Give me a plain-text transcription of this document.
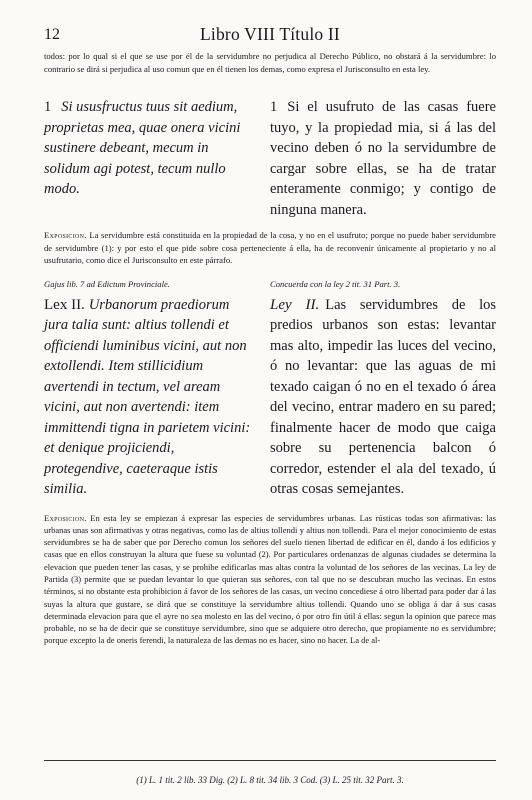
12	Libro VIII Título II

todos: por lo qual si el que se use por él de la servidumbre no perjudica al Derecho Público, no obstará á la servidumbre: lo contrario se dirá si perjudica al uso comun que en él tienen los demas, como expresa el Jurisconsulto en esta ley.

1 Si ususfructus tuus sit aedium, proprietas mea, quae onera vicini sustinere debeant, mecum in solidum agi potest, tecum nullo modo.

1 Si el usufruto de las casas fuere tuyo, y la propiedad mia, si á las del vecino deben ó no la servidumbre de cargar sobre ellas, se ha de tratar enteramente conmigo; y contigo de ninguna manera.

Exposicion. La servidumbre está constituida en la propiedad de la cosa, y no en el usufruto; porque no puede haber servidumbre de servidumbre (1): y por esto el que pide sobre cosa perteneciente á ella, ha de reconvenir únicamente al propietario y no al usufrutario, como dice el Jurisconsulto en este párrafo.

Gajus lib. 7 ad Edictum Provinciale.	Concuerda con la ley 2 tit. 31 Part. 3.

Lex II. Urbanorum praediorum jura talia sunt: altius tollendi et officiendi luminibus vicini, aut non extollendi. Item stillicidium avertendi in tectum, vel aream vicini, aut non avertendi: item immittendi tigna in parietem vicini: et denique projiciendi, protegendive, caeteraque istis similia.

Ley II. Las servidumbres de los predios urbanos son estas: levantar mas alto, impedir las luces del vecino, ó no levantar: que las aguas de mi texado caigan ó no en el texado ó área del vecino, entrar madero en su pared; finalmente hacer de modo que caiga sobre su pertenencia balcon ó corredor, estender el ala del texado, ú otras cosas semejantes.

Exposicion. En esta ley se empiezan á expresar las especies de servidumbres urbanas. Las rústicas todas son afirmativas: las urbanas unas son afirmativas y otras negativas, como las de altius tollendi y altius non tollendi. Para el mejor conocimiento de estas servidumbres se ha de saber que por Derecho comun los señores del suelo tienen libertad de edificar en él, dando á los edificios y casas que en ellos construyan la altura que fuese su voluntad (2). Por particulares ordenanzas de algunas ciudades se determina la elevacion que pueden tener las casas, y se prohibe edificarlas mas altas contra la voluntad de los señores de las vecinas. La ley de Partida (3) permite que se puedan levantar lo que quieran sus señores, con tal que no se descubran mucho las vecinas. En estos términos, si no obstante esta prohibicion á favor de los señores de las casas, un vecino concediese á otro libertad para poder dar á las suyas la altura que gustare, se dirá que se constituye la servidumbre altius tollendi. Quando uno se obliga á dar á sus casas determinada elevacion para que el ayre no sea molesto en las del vecino, ó por otro fin útil á ellas: segun la opinion que parece mas probable, no se ha de decir que se constituye servidumbre, sino que se adquiere otro derecho, que propiamente no es servidumbre; porque excepto la de oneris ferendi, la naturaleza de las demas no es hacer, sino no hacer. La de al-

(1) L. 1 tit. 2 lib. 33 Dig. (2) L. 8 tit. 34 lib. 3 Cod. (3) L. 25 tit. 32 Part. 3.
